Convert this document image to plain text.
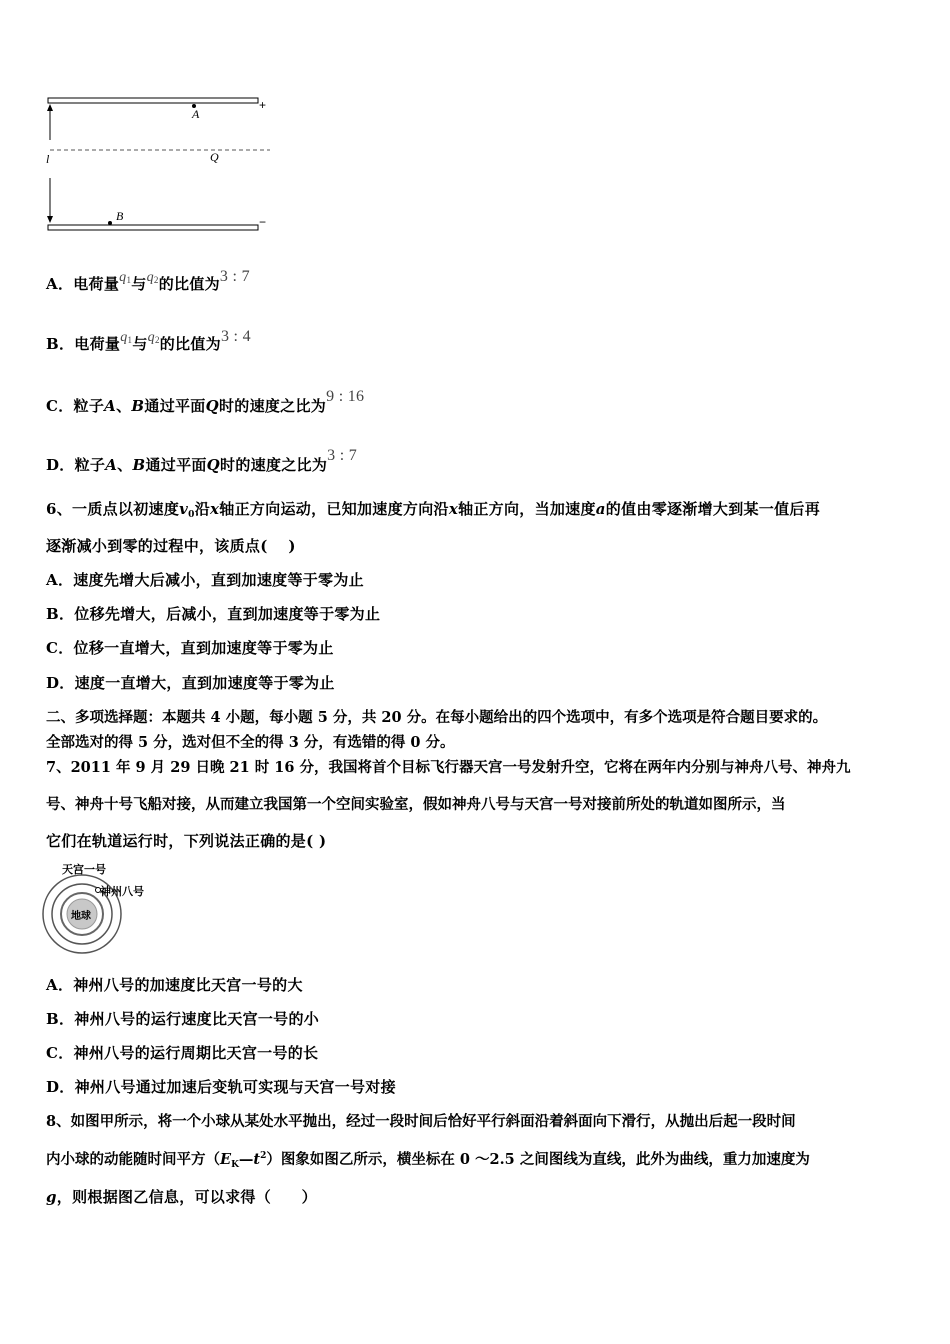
A
B
Q
l
+
−
A．电荷量$q^1$与$q^2$的比值为3 : 7
B．电荷量$q^1$与$q^2$的比值为3 : 4
C．粒子A、B通过平面Q时的速度之比为9 : 16
D．粒子A、B通过平面Q时的速度之比为3 : 7
6、一质点以初速度$v_0$沿x轴正方向运动，已知加速度方向沿x轴正方向，当加速度a的值由零逐渐增大到某一值后再
逐渐减小到零的过程中，该质点(　 )
A．速度先增大后减小，直到加速度等于零为止
B．位移先增大，后减小，直到加速度等于零为止
C．位移一直增大，直到加速度等于零为止
D．速度一直增大，直到加速度等于零为止
二、多项选择题：本题共 4 小题，每小题 5 分，共 20 分。在每小题给出的四个选项中，有多个选项是符合题目要求的。
全部选对的得 5 分，选对但不全的得 3 分，有选错的得 0 分。
7、2011 年 9 月 29 日晚 21 时 16 分，我国将首个目标飞行器天宫一号发射升空，它将在两年内分别与神舟八号、神舟九
号、神舟十号飞船对接，从而建立我国第一个空间实验室，假如神舟八号与天宫一号对接前所处的轨道如图所示，当
它们在轨道运行时，下列说法正确的是( )
天宫一号
神州八号
地球
A．神州八号的加速度比天宫一号的大
B．神州八号的运行速度比天宫一号的小
C．神州八号的运行周期比天宫一号的长
D．神州八号通过加速后变轨可实现与天宫一号对接
8、如图甲所示，将一个小球从某处水平抛出，经过一段时间后恰好平行斜面沿着斜面向下滑行，从抛出后起一段时间
内小球的动能随时间平方$(E_K—t^2)$图象如图乙所示，横坐标在 0 ～2.5 之间图线为直线，此外为曲线，重力加速度为
g，则根据图乙信息，可以求得（　　）
